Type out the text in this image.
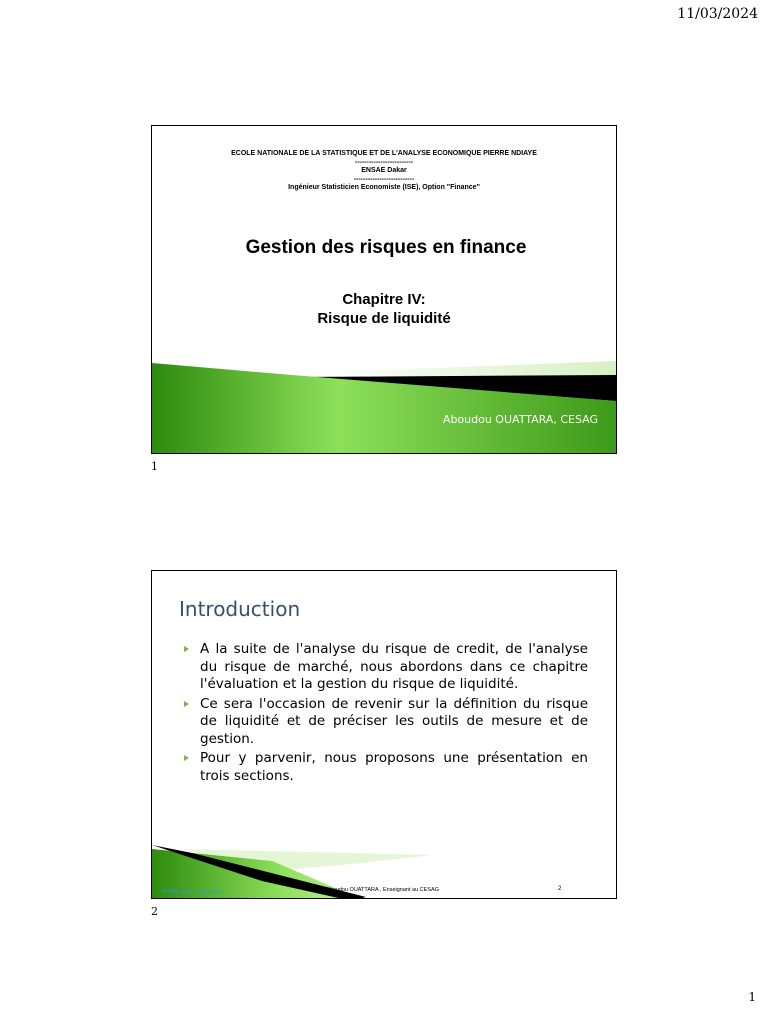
11/03/2024
ECOLE NATIONALE DE LA STATISTIQUE ET DE L'ANALYSE ECONOMIQUE PIERRE NDIAYE
-------------------------
ENSAE Dakar
--------------------------
Ingénieur Statisticien Economiste (ISE), Option "Finance"
Gestion des risques en finance
Chapitre IV:
Risque de liquidité
Aboudou OUATTARA, CESAG
1
Introduction
A la suite de l'analyse du risque de credit, de l'analyse du risque de marché, nous abordons dans ce chapitre l'évaluation et la gestion du risque de liquidité.
Ce sera l'occasion de revenir sur la définition du risque de liquidité et de préciser les outils de mesure et de gestion.
Pour y parvenir, nous proposons une présentation en trois sections.
ENSAE Dakar - Mars 2023	Aboudou OUATTARA , Enseignant au CESAG	2
2
1
